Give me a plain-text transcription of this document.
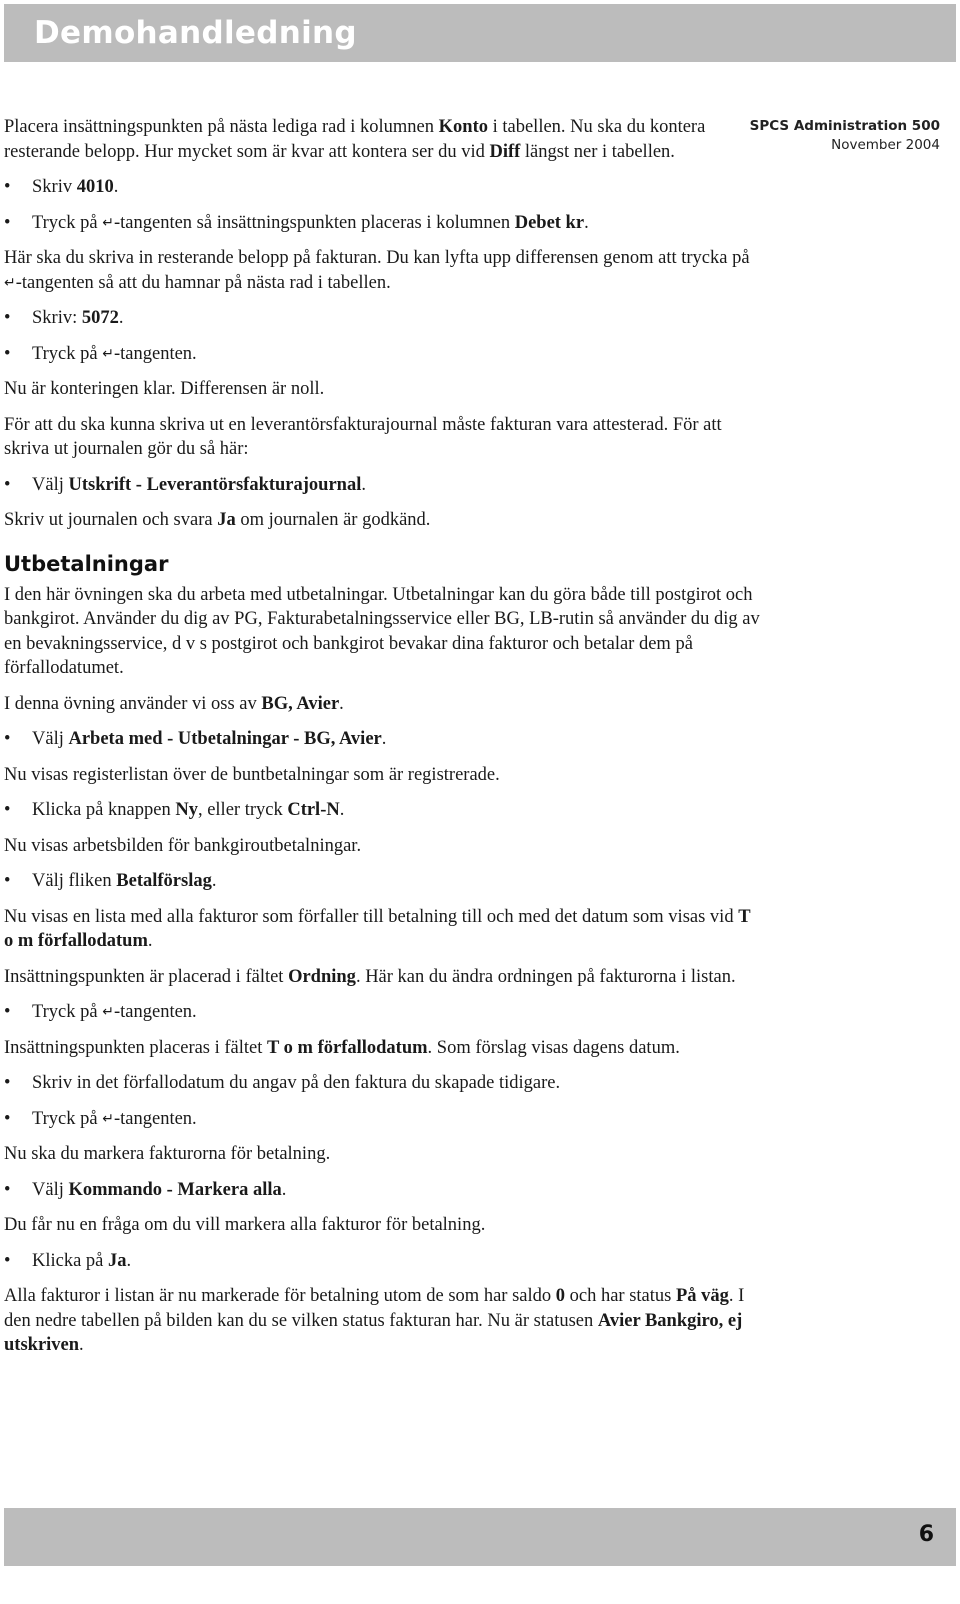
Demohandledning
SPCS Administration 500
November 2004

Placera insättningspunkten på nästa lediga rad i kolumnen Konto i tabellen. Nu ska du kontera resterande belopp. Hur mycket som är kvar att kontera ser du vid Diff längst ner i tabellen.

• Skriv 4010.
• Tryck på ↵-tangenten så insättningspunkten placeras i kolumnen Debet kr.

Här ska du skriva in resterande belopp på fakturan. Du kan lyfta upp differensen genom att trycka på ↵-tangenten så att du hamnar på nästa rad i tabellen.

• Skriv: 5072.
• Tryck på ↵-tangenten.

Nu är konteringen klar. Differensen är noll.

För att du ska kunna skriva ut en leverantörsfakturajournal måste fakturan vara attesterad. För att skriva ut journalen gör du så här:

• Välj Utskrift - Leverantörsfakturajournal.

Skriv ut journalen och svara Ja om journalen är godkänd.

Utbetalningar

I den här övningen ska du arbeta med utbetalningar. Utbetalningar kan du göra både till postgirot och bankgirot. Använder du dig av PG, Fakturabetalningsservice eller BG, LB-rutin så använder du dig av en bevakningsservice, d v s postgirot och bankgirot bevakar dina fakturor och betalar dem på förfallodatumet.

I denna övning använder vi oss av BG, Avier.

• Välj Arbeta med - Utbetalningar - BG, Avier.

Nu visas registerlistan över de buntbetalningar som är registrerade.

• Klicka på knappen Ny, eller tryck Ctrl-N.

Nu visas arbetsbilden för bankgiroutbetalningar.

• Välj fliken Betalförslag.

Nu visas en lista med alla fakturor som förfaller till betalning till och med det datum som visas vid T o m förfallodatum.

Insättningspunkten är placerad i fältet Ordning. Här kan du ändra ordningen på fakturorna i listan.

• Tryck på ↵-tangenten.

Insättningspunkten placeras i fältet T o m förfallodatum. Som förslag visas dagens datum.

• Skriv in det förfallodatum du angav på den faktura du skapade tidigare.
• Tryck på ↵-tangenten.

Nu ska du markera fakturorna för betalning.

• Välj Kommando - Markera alla.

Du får nu en fråga om du vill markera alla fakturor för betalning.

• Klicka på Ja.

Alla fakturor i listan är nu markerade för betalning utom de som har saldo 0 och har status På väg. I den nedre tabellen på bilden kan du se vilken status fakturan har. Nu är statusen Avier Bankgiro, ej utskriven.

6
